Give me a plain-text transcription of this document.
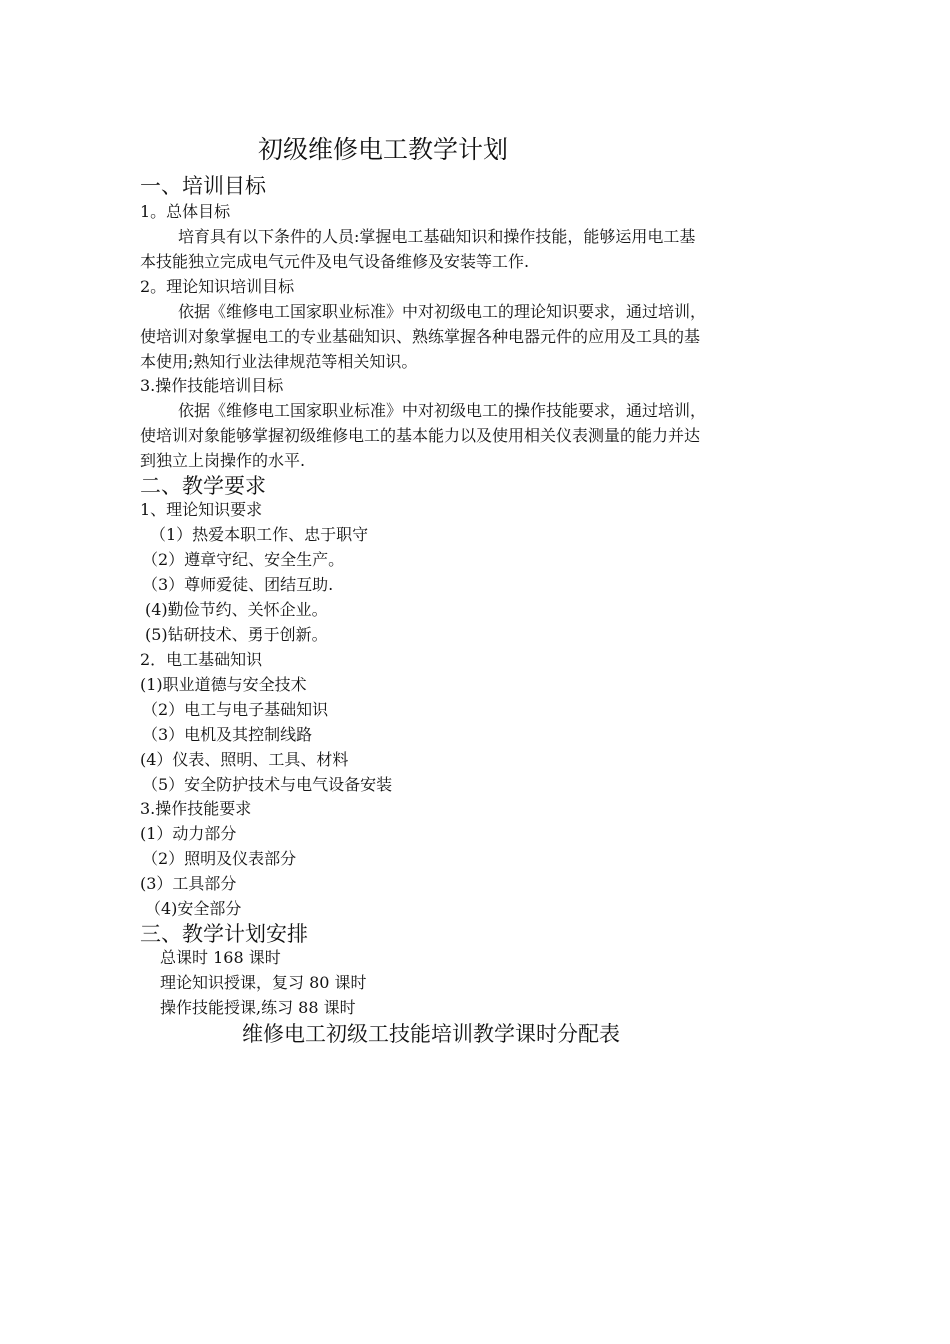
初级维修电工教学计划
一、培训目标
1。总体目标
培育具有以下条件的人员:掌握电工基础知识和操作技能，能够运用电工基
本技能独立完成电气元件及电气设备维修及安装等工作.
2。理论知识培训目标
依据《维修电工国家职业标准》中对初级电工的理论知识要求，通过培训，
使培训对象掌握电工的专业基础知识、熟练掌握各种电器元件的应用及工具的基
本使用;熟知行业法律规范等相关知识。
3.操作技能培训目标
依据《维修电工国家职业标准》中对初级电工的操作技能要求，通过培训，
使培训对象能够掌握初级维修电工的基本能力以及使用相关仪表测量的能力并达
到独立上岗操作的水平.
二、教学要求
1、理论知识要求
（1）热爱本职工作、忠于职守
（2）遵章守纪、安全生产。
（3）尊师爱徒、团结互助.
(4)勤俭节约、关怀企业。
(5)钻研技术、勇于创新。
2．电工基础知识
(1)职业道德与安全技术
（2）电工与电子基础知识
（3）电机及其控制线路
(4）仪表、照明、工具、材料
（5）安全防护技术与电气设备安装
3.操作技能要求
(1）动力部分
（2）照明及仪表部分
(3）工具部分
（4)安全部分
三、教学计划安排
总课时 168 课时
理论知识授课，复习 80 课时
操作技能授课,练习 88 课时
维修电工初级工技能培训教学课时分配表
